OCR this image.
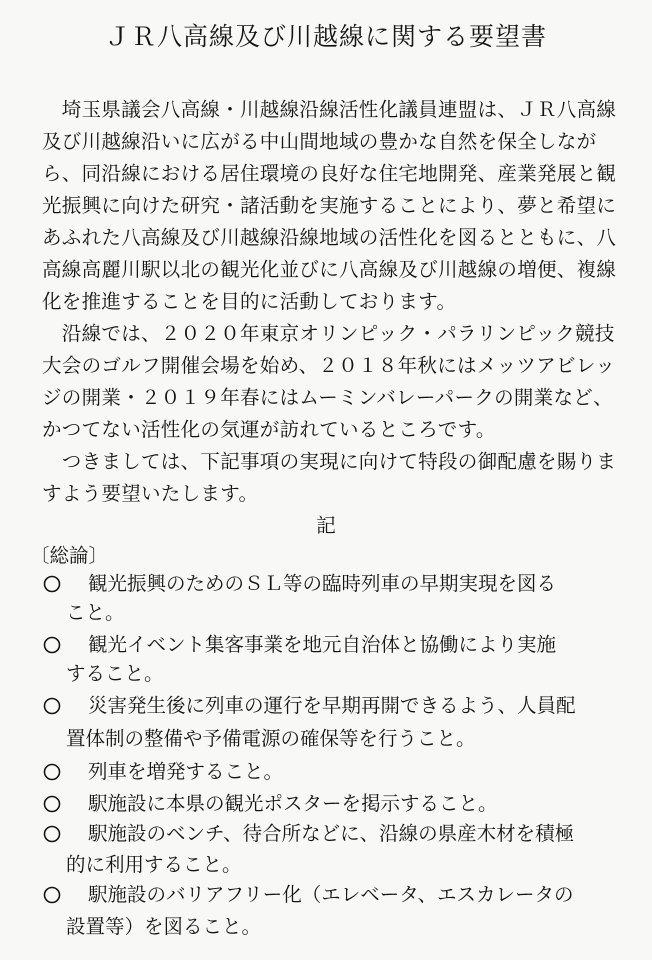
ＪＲ八高線及び川越線に関する要望書
　埼玉県議会八高線・川越線沿線活性化議員連盟は、ＪＲ八高線
及び川越線沿いに広がる中山間地域の豊かな自然を保全しなが
ら、同沿線における居住環境の良好な住宅地開発、産業発展と観
光振興に向けた研究・諸活動を実施することにより、夢と希望に
あふれた八高線及び川越線沿線地域の活性化を図るとともに、八
高線高麗川駅以北の観光化並びに八高線及び川越線の増便、複線
化を推進することを目的に活動しております。
　沿線では、２０２０年東京オリンピック・パラリンピック競技
大会のゴルフ開催会場を始め、２０１８年秋にはメッツアビレッ
ジの開業・２０１９年春にはムーミンバレーパークの開業など、
かつてない活性化の気運が訪れているところです。
　つきましては、下記事項の実現に向けて特段の御配慮を賜りま
すよう要望いたします。
記
〔総論〕
観光振興のためのＳＬ等の臨時列車の早期実現を図る
こと。
観光イベント集客事業を地元自治体と協働により実施
すること。
災害発生後に列車の運行を早期再開できるよう、人員配
置体制の整備や予備電源の確保等を行うこと。
列車を増発すること。
駅施設に本県の観光ポスターを掲示すること。
駅施設のベンチ、待合所などに、沿線の県産木材を積極
的に利用すること。
駅施設のバリアフリー化（エレベータ、エスカレータの
設置等）を図ること。
